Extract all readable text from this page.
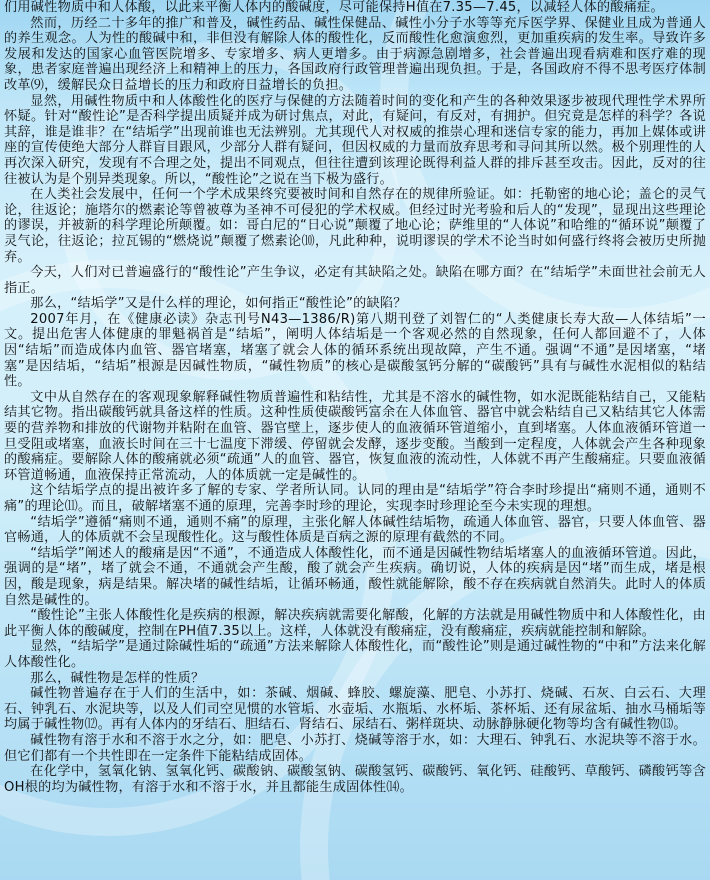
们用碱性物质中和人体酸，以此来平衡人体内的酸碱度，尽可能保持H值在7.35—7.45，以减轻人体的酸痛症。

然而，历经二十多年的推广和普及，碱性药品、碱性保健品、碱性小分子水等等充斥医学界、保健业且成为普通人的养生观念。人为性的酸碱中和，非但没有解除人体的酸性化，反而酸性化愈演愈烈，更加重疾病的发生率。导致许多发展和发达的国家心血管医院增多、专家增多、病人更增多。由于病源急剧增多，社会普遍出现看病难和医疗难的现象，患者家庭普遍出现经济上和精神上的压力，各国政府行政管理普遍出现负担。于是，各国政府不得不思考医疗体制改革⑼，缓解民众日益增长的压力和政府日益增长的负担。

显然，用碱性物质中和人体酸性化的医疗与保健的方法随着时间的变化和产生的各种效果逐步被现代理性学术界所怀疑。针对“酸性论”是否科学提出质疑并成为研讨焦点，对此，有疑问，有反对，有拥护。但究竟是怎样的科学？各说其辞，谁是谁非？在“结垢学”出现前谁也无法辨别。尤其现代人对权威的推崇心理和迷信专家的能力，再加上媒体或讲座的宣传使绝大部分人群盲目跟风，少部分人群有疑问，但因权威的力量而放弃思考和寻问其所以然。极个别理性的人再次深入研究，发现有不合理之处，提出不同观点，但往往遭到该理论既得利益人群的排斥甚至攻击。因此，反对的往往被认为是个别异类现象。所以，“酸性论”之说在当下极为盛行。

在人类社会发展中，任何一个学术成果终究要被时间和自然存在的规律所验证。如：托勒密的地心论；盖仑的灵气论，往返论；施塔尔的燃素论等曾被尊为圣神不可侵犯的学术权威。但经过时光考验和后人的“发现”，显现出这些理论的谬误，并被新的科学理论所颠覆。如：哥白尼的“日心说”颠覆了地心论；萨维里的“人体说”和哈维的“循环说”颠覆了灵气论，往返论；拉瓦锡的“燃烧说”颠覆了燃素论⑽，凡此种种，说明谬误的学术不论当时如何盛行终将会被历史所抛弃。

今天，人们对已普遍盛行的“酸性论”产生争议，必定有其缺陷之处。缺陷在哪方面？在“结垢学”未面世社会前无人指正。

那么，“结垢学”又是什么样的理论，如何指正“酸性论”的缺陷？

2007年月，在《健康必读》杂志刊号N43—1386/R)第八期刊登了刘智仁的“人类健康长寿大敌—人体结垢”一文。提出危害人体健康的罪魁祸首是“结垢”，阐明人体结垢是一个客观必然的自然现象，任何人都回避不了，人体因“结垢”而造成体内血管、器官堵塞，堵塞了就会人体的循环系统出现故障，产生不通。强调“不通”是因堵塞，“堵塞”是因结垢，“结垢”根源是因碱性物质，“碱性物质”的核心是碳酸氢钙分解的“碳酸钙”具有与碱性水泥相似的粘结性。

文中从自然存在的客观现象解释碱性物质普遍性和粘结性，尤其是不溶水的碱性物，如水泥既能粘结自己，又能粘结其它物。指出碳酸钙就具备这样的性质。这种性质使碳酸钙富余在人体血管、器官中就会粘结自己又粘结其它人体需要的营养物和排放的代谢物并粘附在血管、器官壁上，逐步使人的血液循环管道缩小，直到堵塞。人体血液循环管道一旦受阻或堵塞，血液长时间在三十七温度下滞缓、停留就会发酵，逐步变酸。当酸到一定程度，人体就会产生各种现象的酸痛症。要解除人体的酸痛就必须“疏通”人的血管、器官，恢复血液的流动性，人体就不再产生酸痛症。只要血液循环管道畅通，血液保持正常流动，人的体质就一定是碱性的。

这个结垢学点的提出被许多了解的专家、学者所认同。认同的理由是“结垢学”符合李时珍提出“痛则不通，通则不痛”的理论⑾。而且，破解堵塞不通的原理，完善李时珍的理论，实现李时珍理论至今未实现的理想。

“结垢学”遵循“痛则不通，通则不痛”的原理，主张化解人体碱性结垢物，疏通人体血管、器官，只要人体血管、器官畅通，人的体质就不会呈现酸性化。这与酸性体质是百病之源的原理有截然的不同。

“结垢学”阐述人的酸痛是因“不通”，不通造成人体酸性化，而不通是因碱性物结垢堵塞人的血液循环管道。因此，强调的是“堵”，堵了就会不通，不通就会产生酸，酸了就会产生疾病。确切说，人体的疾病是因“堵”而生成，堵是根因，酸是现象，病是结果。解决堵的碱性结垢，让循环畅通，酸性就能解除，酸不存在疾病就自然消失。此时人的体质自然是碱性的。

“酸性论”主张人体酸性化是疾病的根源，解决疾病就需要化解酸，化解的方法就是用碱性物质中和人体酸性化，由此平衡人体的酸碱度，控制在PH值7.35以上。这样，人体就没有酸痛症，没有酸痛症，疾病就能控制和解除。

显然，“结垢学”是通过除碱性垢的“疏通”方法来解除人体酸性化，而“酸性论”则是通过碱性物的“中和”方法来化解人体酸性化。

那么，碱性物是怎样的性质？

碱性物普遍存在于人们的生活中，如：茶碱、烟碱、蜂胶、螺旋藻、肥皂、小苏打、烧碱、石灰、白云石、大理石、钟乳石、水泥块等，以及人们司空见惯的水管垢、水壶垢、水瓶垢、水杯垢、茶杯垢、还有尿盆垢、抽水马桶垢等均属于碱性物⑿。再有人体内的牙结石、胆结石、肾结石、尿结石、粥样斑块、动脉静脉硬化物等均含有碱性物⒀。

碱性物有溶于水和不溶于水之分，如：肥皂、小苏打、烧碱等溶于水，如：大理石、钟乳石、水泥块等不溶于水。但它们都有一个共性即在一定条件下能粘结成固体。

在化学中，氢氧化钠、氢氧化钙、碳酸钠、碳酸氢钠、碳酸氢钙、碳酸钙、氧化钙、硅酸钙、草酸钙、磷酸钙等含OH根的均为碱性物，有溶于水和不溶于水，并且都能生成固体性⒁。
